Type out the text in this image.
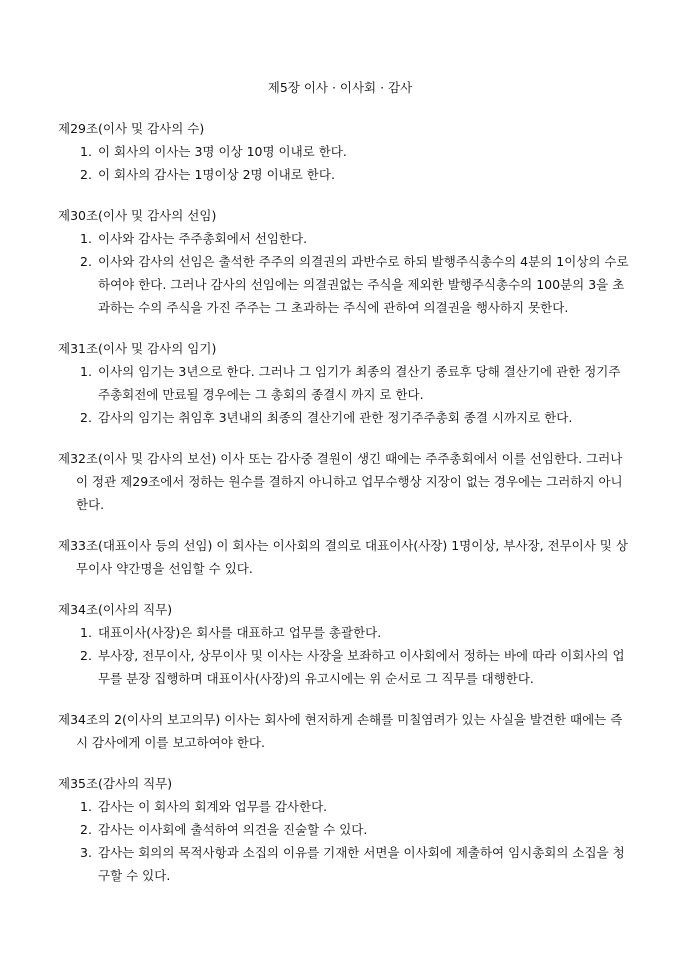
제5장 이사 · 이사회 · 감사
제29조(이사 및 감사의 수)
1. 이 회사의 이사는 3명 이상 10명 이내로 한다.
2. 이 회사의 감사는 1명이상 2명 이내로 한다.
제30조(이사 및 감사의 선임)
1. 이사와 감사는 주주총회에서 선임한다.
2. 이사와 감사의 선임은 출석한 주주의 의결권의 과반수로 하되 발행주식총수의 4분의 1이상의 수로 하여야 한다. 그러나 감사의 선임에는 의결권없는 주식을 제외한 발행주식총수의 100분의 3을 초과하는 수의 주식을 가진 주주는 그 초과하는 주식에 관하여 의결권을 행사하지 못한다.
제31조(이사 및 감사의 임기)
1. 이사의 임기는 3년으로 한다. 그러나 그 임기가 최종의 결산기 종료후 당해 결산기에 관한 정기주주총회전에 만료될 경우에는 그 총회의 종결시 까지 로 한다.
2. 감사의 임기는 취임후 3년내의 최종의 결산기에 관한 정기주주총회 종결 시까지로 한다.
제32조(이사 및 감사의 보선) 이사 또는 감사중 결원이 생긴 때에는 주주총회에서 이를 선임한다. 그러나 이 정관 제29조에서 정하는 원수를 결하지 아니하고 업무수행상 지장이 없는 경우에는 그러하지 아니한다.
제33조(대표이사 등의 선임) 이 회사는 이사회의 결의로 대표이사(사장) 1명이상, 부사장, 전무이사 및 상무이사 약간명을 선임할 수 있다.
제34조(이사의 직무)
1. 대표이사(사장)은 회사를 대표하고 업무를 총괄한다.
2. 부사장, 전무이사, 상무이사 및 이사는 사장을 보좌하고 이사회에서 정하는 바에 따라 이회사의 업무를 분장 집행하며 대표이사(사장)의 유고시에는 위 순서로 그 직무를 대행한다.
제34조의 2(이사의 보고의무) 이사는 회사에 현저하게 손해를 미칠염려가 있는 사실을 발견한 때에는 즉시 감사에게 이를 보고하여야 한다.
제35조(감사의 직무)
1. 감사는 이 회사의 회계와 업무를 감사한다.
2. 감사는 이사회에 출석하여 의견을 진술할 수 있다.
3. 감사는 회의의 목적사항과 소집의 이유를 기재한 서면을 이사회에 제출하여 임시총회의 소집을 청구할 수 있다.
